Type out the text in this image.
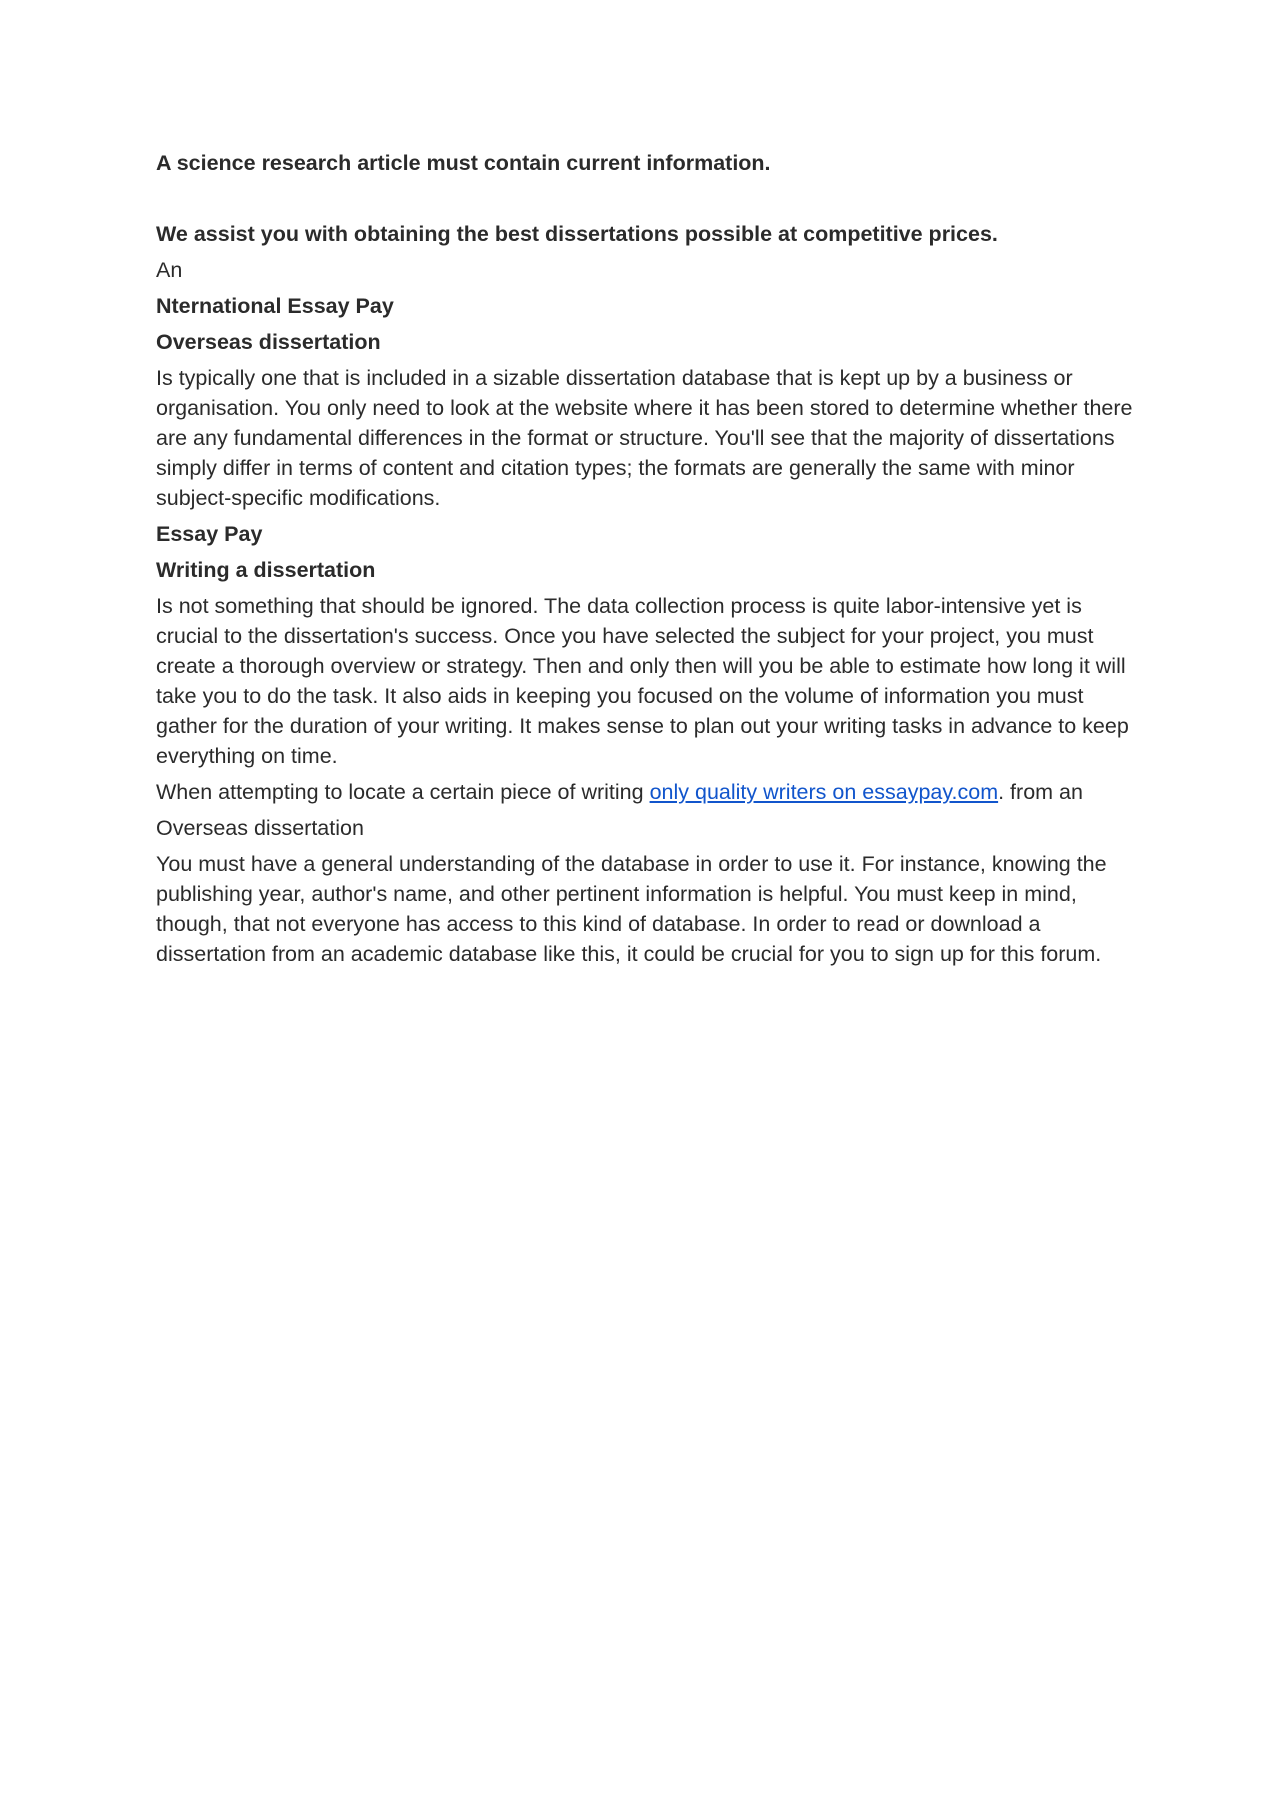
A science research article must contain current information.

We assist you with obtaining the best dissertations possible at competitive prices.

An

Nternational Essay Pay

Overseas dissertation

Is typically one that is included in a sizable dissertation database that is kept up by a business or organisation. You only need to look at the website where it has been stored to determine whether there are any fundamental differences in the format or structure. You'll see that the majority of dissertations simply differ in terms of content and citation types; the formats are generally the same with minor subject-specific modifications.

Essay Pay

Writing a dissertation

Is not something that should be ignored. The data collection process is quite labor-intensive yet is crucial to the dissertation's success. Once you have selected the subject for your project, you must create a thorough overview or strategy. Then and only then will you be able to estimate how long it will take you to do the task. It also aids in keeping you focused on the volume of information you must gather for the duration of your writing. It makes sense to plan out your writing tasks in advance to keep everything on time.

When attempting to locate a certain piece of writing only quality writers on essaypay.com. from an

Overseas dissertation

You must have a general understanding of the database in order to use it. For instance, knowing the publishing year, author's name, and other pertinent information is helpful. You must keep in mind, though, that not everyone has access to this kind of database. In order to read or download a dissertation from an academic database like this, it could be crucial for you to sign up for this forum.
